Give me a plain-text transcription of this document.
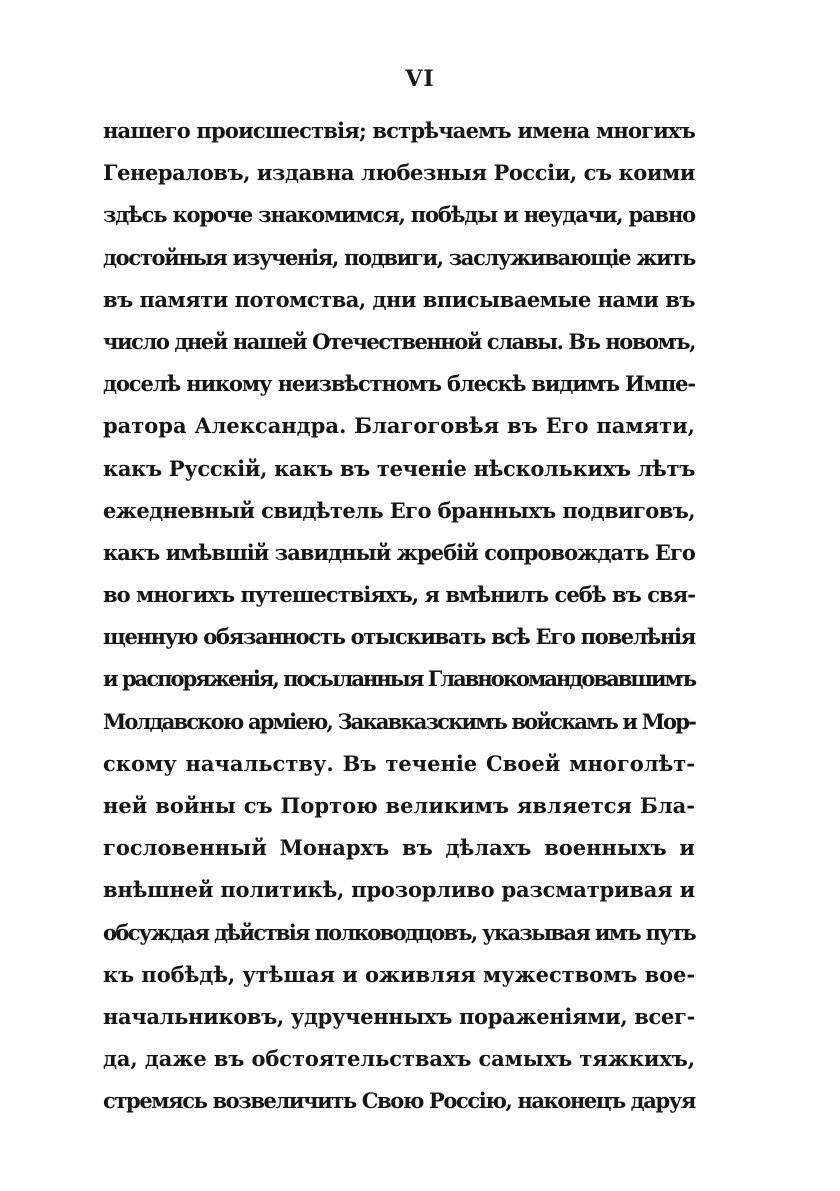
VI
нашего происшествія; встрѣчаемъ имена многихъ
Генераловъ, издавна любезныя Россіи, съ коими
здѣсь короче знакомимся, побѣды и неудачи, равно
достойныя изученія, подвиги, заслуживающіе жить
въ памяти потомства, дни вписываемые нами въ
число дней нашей Отечественной славы. Въ новомъ,
доселѣ никому неизвѣстномъ блескѣ видимъ Импе-
ратора Александра. Благоговѣя въ Его памяти,
какъ Русскій, какъ въ теченіе нѣсколькихъ лѣтъ
ежедневный свидѣтель Его бранныхъ подвиговъ,
какъ имѣвшій завидный жребій сопровождать Его
во многихъ путешествіяхъ, я вмѣнилъ себѣ въ свя-
щенную обязанность отыскивать всѣ Его повелѣнія
и распоряженія, посыланныя Главнокомандовавшимъ
Молдавскою арміею, Закавказскимъ войскамъ и Мор-
скому начальству. Въ теченіе Своей многолѣт-
ней войны съ Портою великимъ является Бла-
гословенный Монархъ въ дѣлахъ военныхъ и
внѣшней политикѣ, прозорливо разсматривая и
обсуждая дѣйствія полководцовъ, указывая имъ путь
къ побѣдѣ, утѣшая и оживляя мужествомъ вое-
начальниковъ, удрученныхъ пораженіями, всег-
да, даже въ обстоятельствахъ самыхъ тяжкихъ,
стремясь возвеличить Свою Россію, наконецъ даруя
